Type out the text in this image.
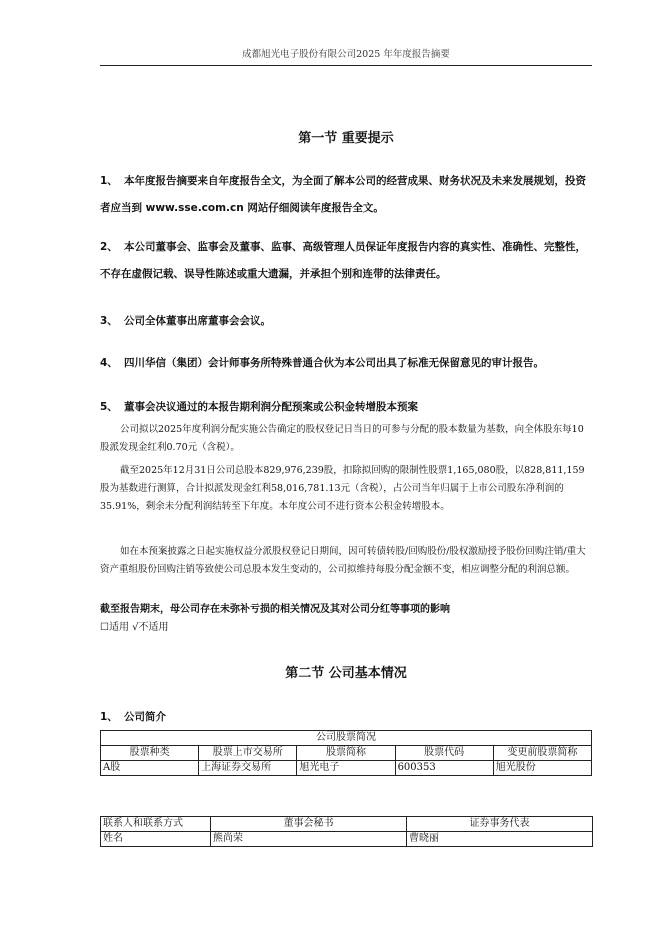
成都旭光电子股份有限公司2025 年年度报告摘要
第一节 重要提示
1、 本年度报告摘要来自年度报告全文，为全面了解本公司的经营成果、财务状况及未来发展规划，投资者应当到 www.sse.com.cn 网站仔细阅读年度报告全文。
2、 本公司董事会、监事会及董事、监事、高级管理人员保证年度报告内容的真实性、准确性、完整性，不存在虚假记载、误导性陈述或重大遗漏，并承担个别和连带的法律责任。
3、 公司全体董事出席董事会会议。
4、 四川华信（集团）会计师事务所特殊普通合伙为本公司出具了标准无保留意见的审计报告。
5、 董事会决议通过的本报告期利润分配预案或公积金转增股本预案
公司拟以2025年度利润分配实施公告确定的股权登记日当日的可参与分配的股本数量为基数，向全体股东每10股派发现金红利0.70元（含税）。
截至2025年12月31日公司总股本829,976,239股，扣除拟回购的限制性股票1,165,080股，以828,811,159股为基数进行测算，合计拟派发现金红利58,016,781.13元（含税），占公司当年归属于上市公司股东净利润的35.91%，剩余未分配利润结转至下年度。本年度公司不进行资本公积金转增股本。
如在本预案披露之日起实施权益分派股权登记日期间，因可转债转股/回购股份/股权激励授予股份回购注销/重大资产重组股份回购注销等致使公司总股本发生变动的，公司拟维持每股分配金额不变，相应调整分配的利润总额。
截至报告期末，母公司存在未弥补亏损的相关情况及其对公司分红等事项的影响
☐适用 √不适用
第二节 公司基本情况
1、 公司简介
公司股票简况				
股票种类	股票上市交易所	股票简称	股票代码	变更前股票简称
A股	上海证券交易所	旭光电子	600353	旭光股份
联系人和联系方式	董事会秘书	证券事务代表
姓名	熊尚荣	曹晓丽
